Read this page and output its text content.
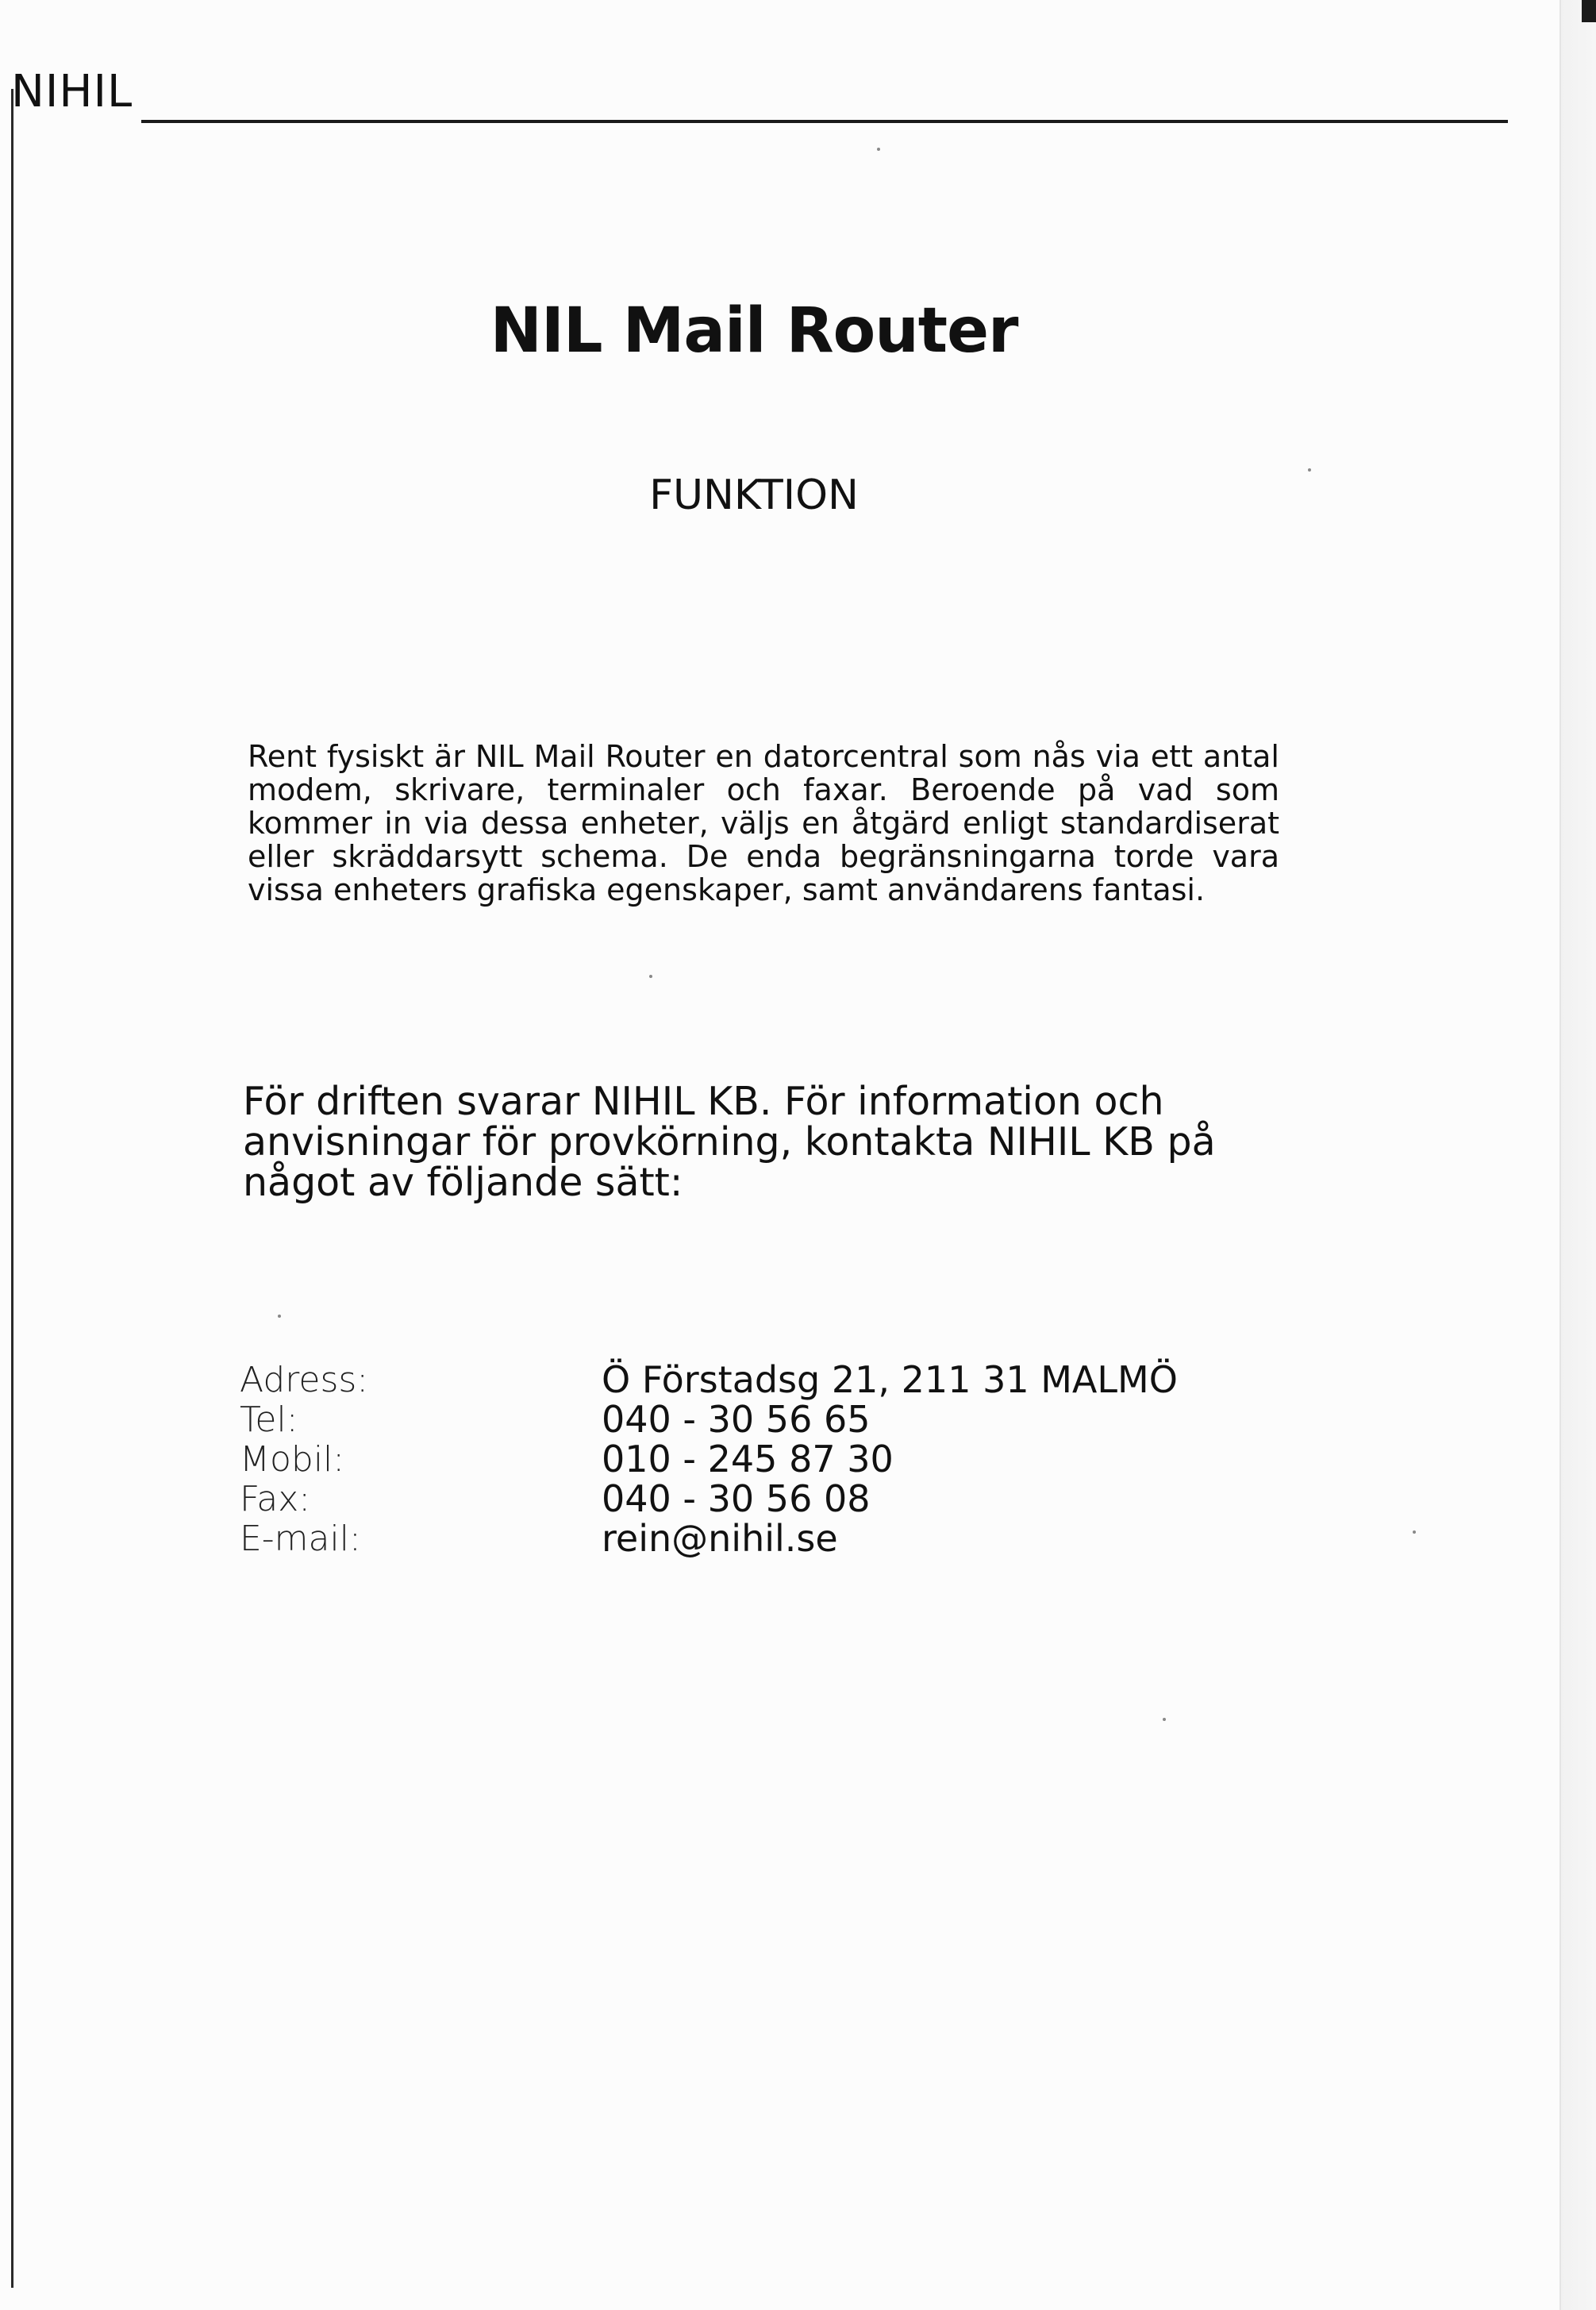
NIHIL
NIL Mail Router
FUNKTION
Rent fysiskt är NIL Mail Router en datorcentral som nås via ett antal modem, skrivare, terminaler och faxar. Beroende på vad som kommer in via dessa enheter, väljs en åtgärd enligt standardiserat eller skräddarsytt schema. De enda begränsningarna torde vara vissa enheters grafiska egenskaper, samt användarens fantasi.
För driften svarar NIHIL KB. För information och anvisningar för provkörning, kontakta NIHIL KB på något av följande sätt:
Adress:	Ö Förstadsg 21, 211 31 MALMÖ
Tel:	040 - 30 56 65
Mobil:	010 - 245 87 30
Fax:	040 - 30 56 08
E-mail:	rein@nihil.se
